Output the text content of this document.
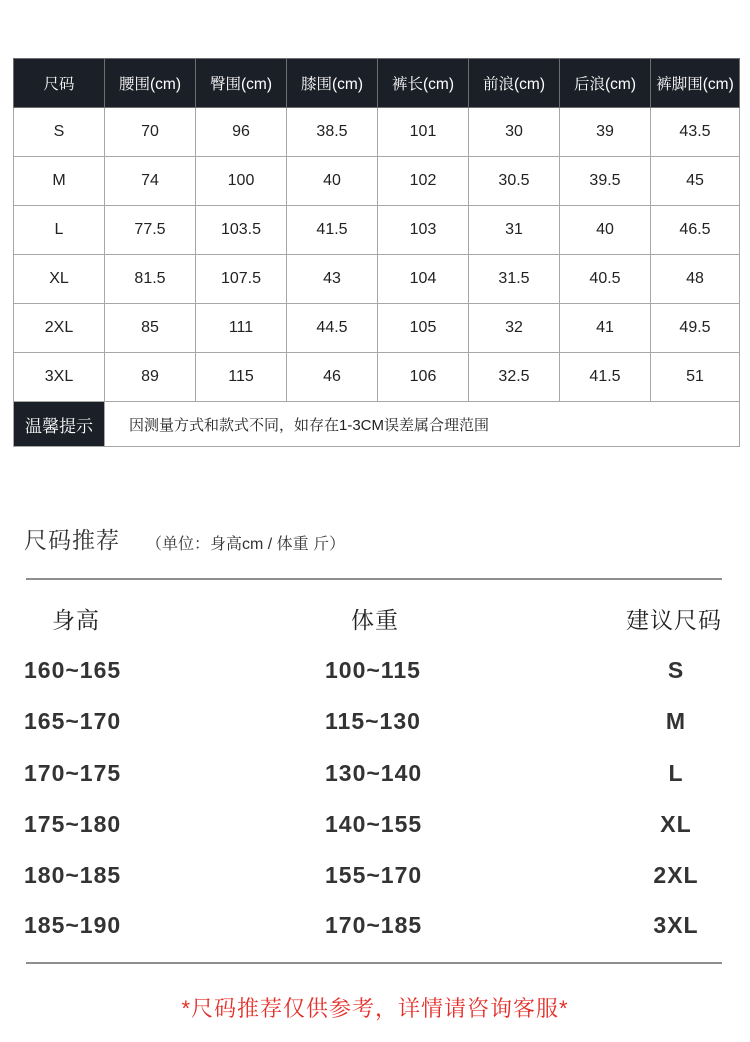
尺码	腰围(cm)	臀围(cm)	膝围(cm)	裤长(cm)	前浪(cm)	后浪(cm)	裤脚围(cm)
S	70	96	38.5	101	30	39	43.5
M	74	100	40	102	30.5	39.5	45
L	77.5	103.5	41.5	103	31	40	46.5
XL	81.5	107.5	43	104	31.5	40.5	48
2XL	85	111	44.5	105	32	41	49.5
3XL	89	115	46	106	32.5	41.5	51
温馨提示	因测量方式和款式不同，如存在1-3CM误差属合理范围						
尺码推荐 （单位：身高cm / 体重 斤）
身高	体重	建议尺码
160~165	100~115	S
165~170	115~130	M
170~175	130~140	L
175~180	140~155	XL
180~185	155~170	2XL
185~190	170~185	3XL
*尺码推荐仅供参考，详情请咨询客服*
